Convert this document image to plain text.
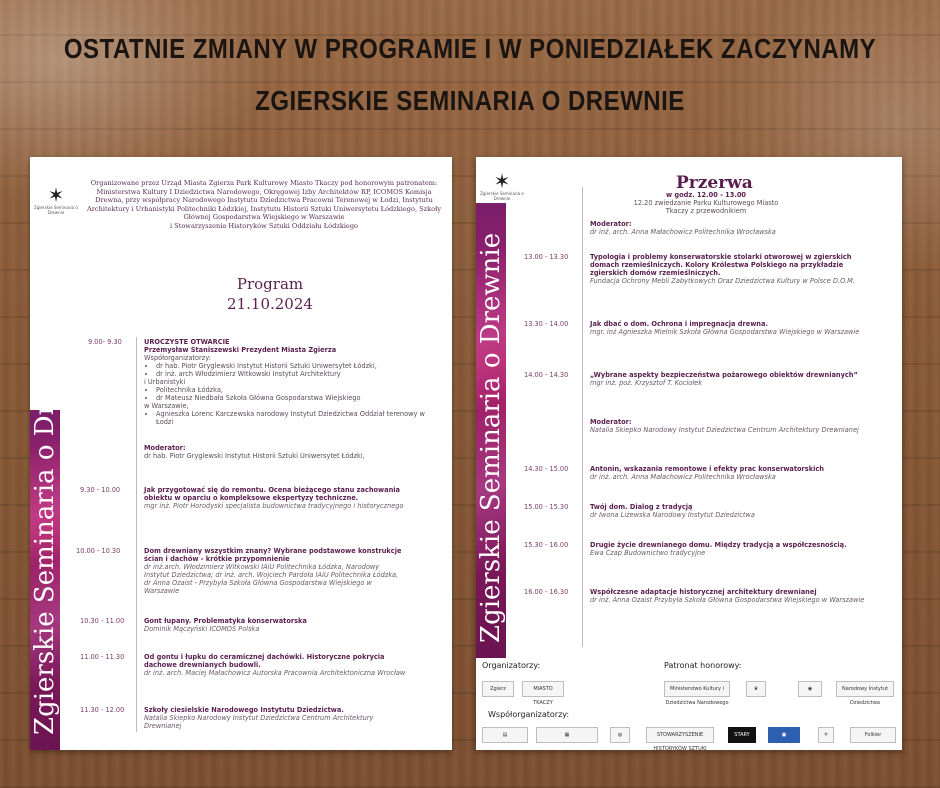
OSTATNIE ZMIANY W PROGRAMIE I W PONIEDZIAŁEK ZACZYNAMY
ZGIERSKIE SEMINARIA O DREWNIE
✶
Zgierskie Seminaria o Drewnie
Zgierskie Seminaria o Drewnie
Organizowane przez Urząd Miasta Zgierza Park Kulturowy Miasto Tkaczy pod honorowym patronatem: Ministerstwa Kultury I Dziedzictwa Narodowego, Okręgowej Izby Architektów RP, ICOMOS Komisja Drewna, przy współpracy Narodowego Instytutu Dziedzictwa Pracowni Terenowej w Łodzi, Instytutu Architektury i Urbanistyki Politechniki Łódzkiej, Instytutu Historii Sztuki Uniwersytetu Łódzkiego, Szkoły Głównej Gospodarstwa Wiejskiego w Warszawie
i Stowarzyszenia Historyków Sztuki Oddziału Łódzkiego
Program
21.10.2024
9.00- 9.30	UROCZYSTE OTWARCIE
Przemysław Staniszewski Prezydent Miasta Zgierza
Współorganizatorzy:
• dr hab. Piotr Gryglewski Instytut Historii Sztuki Uniwersytet Łódzki,
• dr inż. arch Włodzimierz Witkowski Instytut Architektury
i Urbanistyki
• Politechnika Łódzka,
• dr Mateusz Niedbała Szkoła Główna Gospodarstwa Wiejskiego
w Warszawie,
• Agnieszka Lorenc Karczewska narodowy Instytut Dziedzictwa Oddział terenowy w Łodzi
Moderator:
dr hab. Piotr Gryglewski Instytut Historii Sztuki Uniwersytet Łódzki,
9.30 - 10.00	Jak przygotować się do remontu. Ocena bieżącego stanu zachowania obiektu w oparciu o kompleksowe ekspertyzy techniczne.
mgr inż. Piotr Horodyski specjalista budownictwa tradycyjnego i historycznego
10.00 - 10.30	Dom drewniany wszystkim znany? Wybrane podstawowe konstrukcje ścian i dachów - krótkie przypomnienie
dr inż.arch. Włodzimierz Witkowski IAiU Politechnika Łódzka, Narodowy Instytut Dziedzictwa; dr inż. arch. Wojciech Pardoła IAiU Politechnika Łódzka, dr Anna Ozaist - Przybyła Szkoła Główna Gospodarstwa Wiejskiego w Warszawie
10.30 - 11.00	Gont łupany. Problematyka konserwatorska
Dominik Mączyński ICOMOS Polska
11.00 - 11.30	Od gontu i łupku do ceramicznej dachówki. Historyczne pokrycia dachowe drewnianych budowli.
dr inż. arch. Maciej Małachowicz Autorska Pracownia Architektoniczna Wrocław
11.30 - 12.00	Szkoły ciesielskie Narodowego Instytutu Dziedzictwa.
Natalia Skiepko Narodowy Instytut Dziedzictwa Centrum Architektury Drewnianej
✶
Zgierskie Seminaria o Drewnie
Zgierskie Seminaria o Drewnie
Przerwa
w godz. 12.00 - 13.00
12.20 zwiedzanie Parku Kulturowego Miasto Tkaczy z przewodnikiem
Moderator:
dr inż. arch. Anna Małachowicz Politechnika Wrocławska
13.00 - 13.30	Typologia i problemy konserwatorskie stolarki otworowej w zgierskich domach rzemieślniczych. Kolory Królestwa Polskiego na przykładzie zgierskich domów rzemieślniczych.
Fundacja Ochrony Mebli Zabytkowych Oraz Dziedzictwa Kultury w Polsce D.O.M.
13.30 - 14.00	Jak dbać o dom. Ochrona i impregnacja drewna.
mgr. inż Agnieszka Mielnik Szkoła Główna Gospodarstwa Wiejskiego w Warszawie
14.00 - 14.30	„Wybrane aspekty bezpieczeństwa pożarowego obiektów drewnianych”
mgr inż. poż. Krzysztof T. Kociołek
Moderator:
Natalia Skiepko Narodowy Instytut Dziedzictwa Centrum Architektury Drewnianej
14.30 - 15.00	Antonin, wskazania remontowe i efekty prac konserwatorskich
dr inż. arch. Anna Małachowicz Politechnika Wrocławska
15.00 - 15.30	Twój dom. Dialog z tradycją
dr Iwona Liżewska Narodowy Instytut Dziedzictwa
15.30 - 16.00	Drugie życie drewnianego domu. Między tradycją a współczesnością.
Ewa Czap Budownictwo tradycyjne
16.00 - 16.30	Współczesne adaptacje historycznej architektury drewnianej
dr inż. Anna Ozaist Przybyła Szkoła Główna Gospodarstwa Wiejskiego w Warszawie
Organizatorzy:	Patronat honorowy:
Zgierz	MIASTO TKACZY
Ministerstwo Kultury i Dziedzictwa Narodowego
♛	◉	Narodowy Instytut Dziedzictwa
Współorganizatorzy:
▤	▦	◍	STOWARZYSZENIE HISTORYKÓW SZTUKI
STARY MŁYN
▣	⚜	Folkier
